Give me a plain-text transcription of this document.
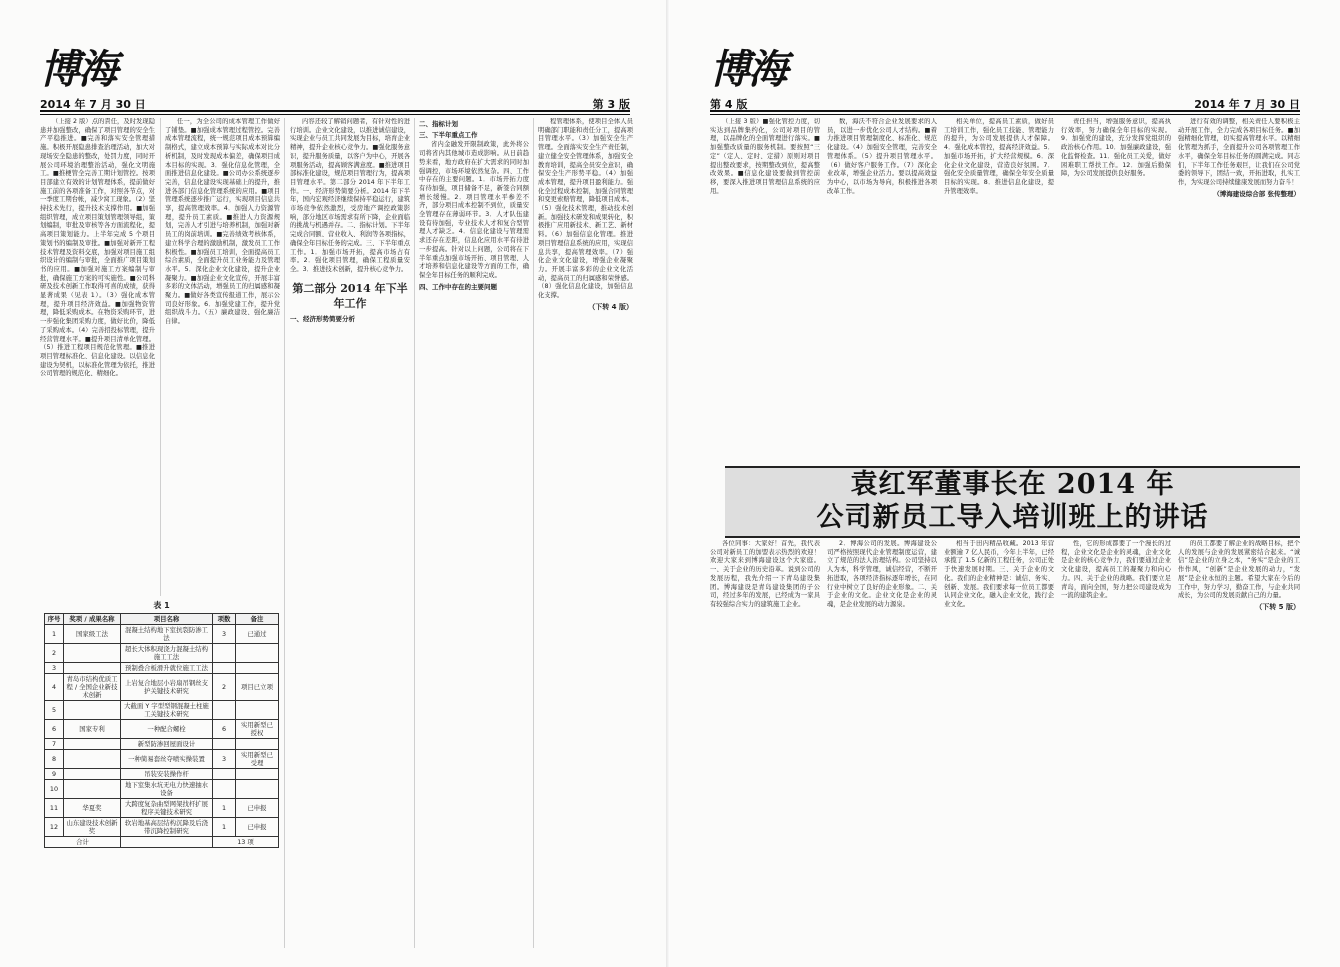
博海
2014 年 7 月 30 日	第 3 版

（上接 2 版）点的責任，及时发现隐患并加强整改，确保了项目管理的安全生产平稳推进。■完善和落实安全管理措施。积极开展隐患排查治理活动，加大对现场安全隐患的整改，处罚力度，同时开展公司环境治理整治活动，强化文明施工。■推梗管全完善工期计划管控。按项目部建立有效的计划管理体系，提前做好施工前的各项准备工作，对照各节点，对一季度工期台帐，减少窝工现象。（2）坚持技术先行，提升技术支撑作用。■加强组织管理，成立项目策划管理领导组，策划编制，审批及审核等各方面流程化，提高项目策划能力。上半年完成 5 个项目策划书的编制及审批。■加强对新开工程技术管理及资料交底，加强对项目施工组织设计的编制与审批，全面推广项目策划书的应用。■加强对施工方案编制与审批，确保施工方案的可实施性。■公司科研及技术创新工作取得可喜的成绩，获得显著成果（见表 1）。（3）强化成本管理，提升项目经济效益。■加强物资管理，降低采购成本。在物资采购环节，进一步强化集团采购力度，做好比价，降低了采购成本。（4）完善招投标管理，提升经营管理水平。■提升项目清单化管理。（5）推进工程项目规范化管理。■推进项目管理标准化、信息化建设。以信息化建设为契机，以标准化管理为依托，推进公司管理的规范化、精细化。

任一，为全公司的成本管理工作做好了铺垫。■加强成本管理过程管控。完善成本管理流程，统一规范项目成本预算编制格式，建立成本预算与实际成本对比分析机制，及时发现成本偏差，确保项目成本目标的实现。3．强化信息化管理，全面推进信息化建设。■公司办公系统逐步完善，信息化建设实现基础上的提升，推进各部门信息化管理系统的应用。■项目管理系统逐步推广运行，实现项目信息共享，提高管理效率。4．加强人力资源管理，提升员工素质。■推进人力资源规划，完善人才引进与培养机制，加强对新员工的岗前培训。■完善绩效考核体系，建立科学合理的激励机制，激发员工工作积极性。■加强员工培训，全面提高员工综合素质，全面提升员工业务能力及管理水平。5．深化企业文化建设，提升企业凝聚力。■加强企业文化宣传，开展丰富多彩的文体活动，增强员工的归属感和凝聚力。■做好各类宣传报道工作，展示公司良好形象。6．加强党建工作，提升党组织战斗力。（五）廉政建设、强化廉洁自律。

表 1
序号	奖项 / 成果名称	项目名称	项数	备注
1	国家级工法	混凝土结构地下室抗裂防渗工法	3	已通过
2		超长大体积现浇力混凝土结构施工工法		
3		预制叠合板滑升就位施工工法		
4	青岛市结构优质工程 / 全国企业新技术创新	上岩复合地层小岩扇吊钢丝支护关键技术研究	2	项目已立项
5		大截面 Y 字型型钢混凝土柱施工关键技术研究		
6	国家专利	一种配合螺栓	6	实用新型已授权
7		新型防渗回屋面设计		
8		一种简易套丝夺喷实操装置	3	实用新型已受理
9		吊装安装操作杆		
10		地下室集水坑无电力快速抽水设备		
11	华夏奖	大跨度复杂曲型网架找杆扩展程序关键技术研究	1	已申报
12	山东建设技术创新奖	软岩地基高层结构沉降及后浇带沉降控制研究	1	已申报
合计			13 项	

内容还较了解销问题者，有针对性的进行培训。企业文化建设，以推进诚信建设，实现企业与员工共同发展为目标，培育企业精神，提升企业核心竞争力。■强化服务意识，提升服务质量，以客户为中心，开展各项服务活动，提高顾客满意度。■推进项目部标准化建设，规范项目管理行为，提高项目管理水平。第二部分 2014 年下半年工作。一、经济形势简要分析。2014 年下半年，国内宏观经济继续保持平稳运行，建筑市场竞争依然激烈，受房地产调控政策影响，部分地区市场需求有所下降，企业面临的挑战与机遇并存。二、指标计划。下半年完成合同额、营业收入、利润等各项指标，确保全年目标任务的完成。三、下半年重点工作。1．加强市场开拓，提高市场占有率。2．强化项目管理，确保工程质量安全。3．推进技术创新，提升核心竞争力。

第二部分 2014 年下半年工作
一、经济形势简要分析
二、指标计划
三、下半年重点工作

省内金融发开限制政策，此外将公司将省内其他城市造成影响。从日前趋势来看，地方政府在扩大需求的同时加强调控，市场环境依然复杂。四、工作中存在的主要问题。1．市场开拓力度有待加强，项目储备不足，新签合同额增长缓慢。2．项目管理水平参差不齐，部分项目成本控制不到位，质量安全管理存在薄弱环节。3．人才队伍建设有待加强，专业技术人才和复合型管理人才缺乏。4．信息化建设与管理需求还存在差距，信息化应用水平有待进一步提高。针对以上问题，公司将在下半年重点加强市场开拓、项目管理、人才培养和信息化建设等方面的工作，确保全年目标任务的顺利完成。

四、工作中存在的主要问题

程管理体系，使项目全体人员明确部门职能和责任分工，提高项目管理水平。（3）加强安全生产管理。全面落实安全生产责任制，建立健全安全管理体系，加强安全教育培训，提高全员安全意识，确保安全生产形势平稳。（4）加强成本管理，提升项目盈利能力。强化全过程成本控制，加强合同管理和变更索赔管理，降低项目成本。（5）强化技术管理，推动技术创新。加强技术研发和成果转化，积极推广应用新技术、新工艺、新材料。（6）加强信息化管理。推进项目管理信息系统的应用，实现信息共享，提高管理效率。（7）强化企业文化建设，增强企业凝聚力。开展丰富多彩的企业文化活动，提高员工的归属感和荣誉感。（8）强化信息化建设，加强信息化支撑。

（下转 4 版）
博海
第 4 版	2014 年 7 月 30 日

（上接 3 版）■强化管控力度，切实达到品牌集约化，公司对项目的管理，以品牌化的全面管理进行落实。■加强整改质量的服务机制。要按照“三定”（定人、定时、定措）原则对项目提出整改要求，按期整改到位，提高整改效果。■信息化建设要做到管控前移，要深入推进项目管理信息系统的应用。

数，海沃不符合企业发展要求的人员，以进一步优化公司人才结构。■着力推进项目管理制度化、标准化、规范化建设。（4）加强安全管理，完善安全管理体系。（5）提升项目管理水平。（6）做好客户服务工作。（7）深化企业改革，增强企业活力。要以提高效益为中心，以市场为导向，积极推进各项改革工作。

相关单位，提高员工素质，做好员工培训工作，强化员工技能、管理能力的提升，为公司发展提供人才保障。4．强化成本管控，提高经济效益。5．加强市场开拓，扩大经营规模。6．深化企业文化建设，营造良好氛围。7．强化安全质量管理，确保全年安全质量目标的实现。8．推进信息化建设，提升管理效率。

责任担当，增强服务意识，提高执行效率，努力确保全年目标的实现。9．加强党的建设，充分发挥党组织的政治核心作用。10．加强廉政建设，强化监督检查。11．强化员工关爱，做好困难职工帮扶工作。12．加强后勤保障，为公司发展提供良好服务。

进行有效的调整，相关责任人要积极主动开展工作，全力完成各项目标任务。■加强精细化管理，切实提高管理水平。以精细化管理为抓手，全面提升公司各项管理工作水平，确保全年目标任务的圆满完成。同志们，下半年工作任务艰巨，让我们在公司党委的领导下，团结一致，开拓进取，扎实工作，为实现公司持续健康发展而努力奋斗！

（博海建设综合部 张传整理）
袁红军董事长在 2014 年
公司新员工导入培训班上的讲话

各位同事：大家好！首先，我代表公司对新员工的加盟表示热烈的欢迎！欢迎大家来到博海建设这个大家庭。一、关于企业的历史沿革。说到公司的发展历程，我先介绍一下青岛建设集团。博海建设是青岛建设集团的子公司，经过多年的发展，已经成为一家具有较强综合实力的建筑施工企业。

2．博海公司的发展。博海建设公司严格按照现代企业管理制度运营，建立了规范的法人治理结构。公司坚持以人为本，科学管理，诚信经营，不断开拓进取，各项经济指标逐年增长，在同行业中树立了良好的企业形象。二、关于企业的文化。企业文化是企业的灵魂，是企业发展的动力源泉。

相当于田内精品收藏。2013 年营业额逾 7 亿人民币，今年上半年，已经承揽了 1.5 亿新的工程任务，公司正处于快速发展时期。三、关于企业的文化。我们的企业精神是：诚信、务实、创新、发展。我们要求每一位员工都要认同企业文化，融入企业文化，践行企业文化。

性，它的形成都要了一个漫长的过程，企业文化是企业的灵魂，企业文化是企业的核心竞争力，我们要通过企业文化建设，提高员工的凝聚力和向心力。四、关于企业的战略。我们要立足青岛，面向全国，努力把公司建设成为一流的建筑企业。

的员工都要了解企业的战略目标，把个人的发展与企业的发展紧密结合起来。“诚信”是企业的立身之本，“务实”是企业的工作作风，“创新”是企业发展的动力，“发展”是企业永恒的主题。希望大家在今后的工作中，努力学习，勤奋工作，与企业共同成长，为公司的发展贡献自己的力量。

（下转 5 版）
